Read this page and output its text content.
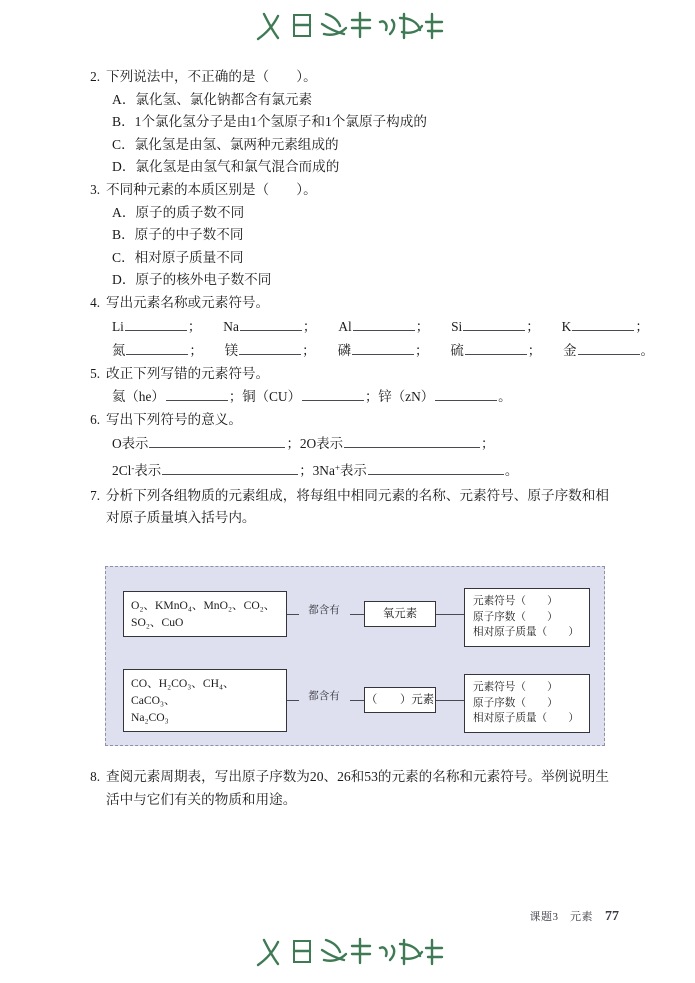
2. 下列说法中，不正确的是（　　）。
A．氯化氢、氯化钠都含有氯元素
B．1个氯化氢分子是由1个氢原子和1个氯原子构成的
C．氯化氢是由氢、氯两种元素组成的
D．氯化氢是由氢气和氯气混合而成的
3. 不同种元素的本质区别是（　　）。
A．原子的质子数不同
B．原子的中子数不同
C．相对原子质量不同
D．原子的核外电子数不同
4. 写出元素名称或元素符号。
Li	； Na	； Al	； Si	； K	；
氮	； 镁	； 磷	； 硫	； 金	。
5. 改正下列写错的元素符号。
氦（he）	；铜（CU）	；锌（zN）	。
6. 写出下列符号的意义。
O表示	；2O表示	；
2Cl-表示	；3Na+表示	。
7. 分析下列各组物质的元素组成，将每组中相同元素的名称、元素符号、原子序数和相对原子质量填入括号内。
O₂、KMnO₄、MnO₂、CO₂、
SO₂、CuO
都含有	氧元素
元素符号（　　）
原子序数（　　）
相对原子质量（　　）
CO、H₂CO₃、CH₄、CaCO₃、
Na₂CO₃
都含有	（　　）元素
元素符号（　　）
原子序数（　　）
相对原子质量（　　）
8. 查阅元素周期表，写出原子序数为20、26和53的元素的名称和元素符号。举例说明生活中与它们有关的物质和用途。
课题3　元素 77
